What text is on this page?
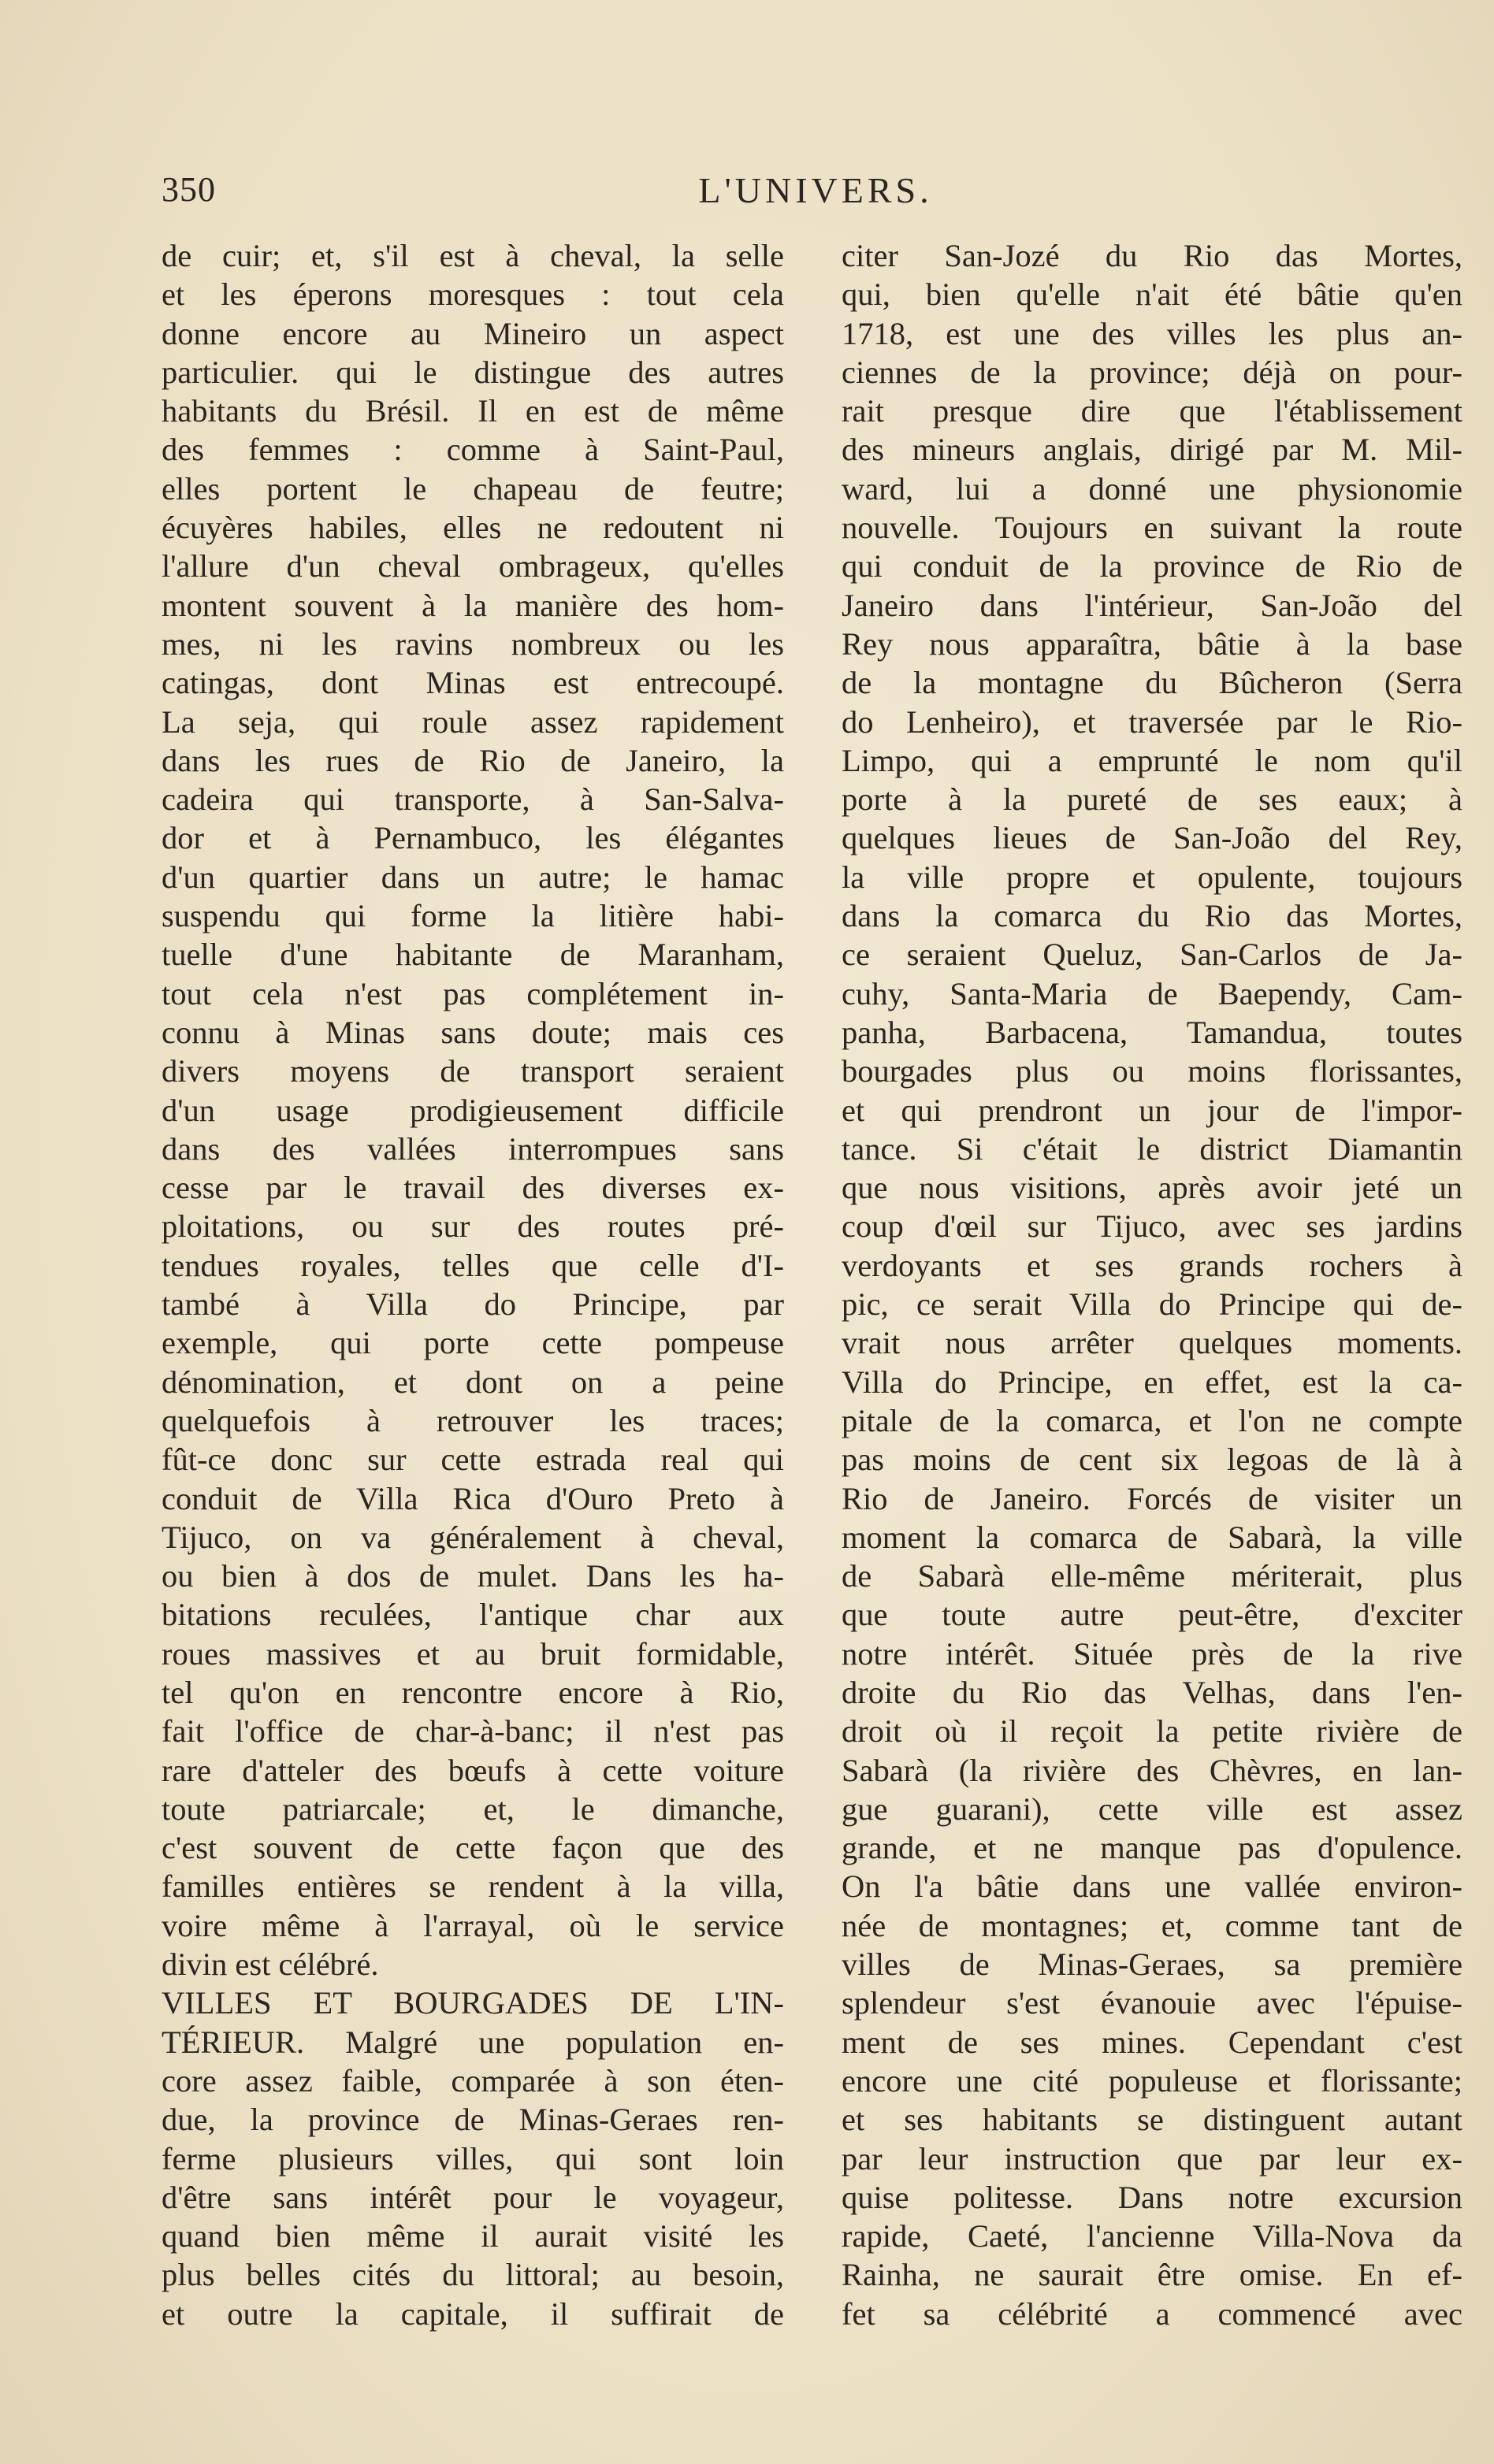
350	L'UNIVERS.
de cuir; et, s'il est à cheval, la selle
et les éperons moresques : tout cela
donne encore au Mineiro un aspect
particulier. qui le distingue des autres
habitants du Brésil. Il en est de même
des femmes : comme à Saint-Paul,
elles portent le chapeau de feutre;
écuyères habiles, elles ne redoutent ni
l'allure d'un cheval ombrageux, qu'elles
montent souvent à la manière des hom-
mes, ni les ravins nombreux ou les
catingas, dont Minas est entrecoupé.
La seja, qui roule assez rapidement
dans les rues de Rio de Janeiro, la
cadeira qui transporte, à San-Salva-
dor et à Pernambuco, les élégantes
d'un quartier dans un autre; le hamac
suspendu qui forme la litière habi-
tuelle d'une habitante de Maranham,
tout cela n'est pas complétement in-
connu à Minas sans doute; mais ces
divers moyens de transport seraient
d'un usage prodigieusement difficile
dans des vallées interrompues sans
cesse par le travail des diverses ex-
ploitations, ou sur des routes pré-
tendues royales, telles que celle d'I-
també à Villa do Principe, par
exemple, qui porte cette pompeuse
dénomination, et dont on a peine
quelquefois à retrouver les traces;
fût-ce donc sur cette estrada real qui
conduit de Villa Rica d'Ouro Preto à
Tijuco, on va généralement à cheval,
ou bien à dos de mulet. Dans les ha-
bitations reculées, l'antique char aux
roues massives et au bruit formidable,
tel qu'on en rencontre encore à Rio,
fait l'office de char-à-banc; il n'est pas
rare d'atteler des bœufs à cette voiture
toute patriarcale; et, le dimanche,
c'est souvent de cette façon que des
familles entières se rendent à la villa,
voire même à l'arrayal, où le service
divin est célébré.
VILLES ET BOURGADES DE L'IN-
TÉRIEUR. Malgré une population en-
core assez faible, comparée à son éten-
due, la province de Minas-Geraes ren-
ferme plusieurs villes, qui sont loin
d'être sans intérêt pour le voyageur,
quand bien même il aurait visité les
plus belles cités du littoral; au besoin,
et outre la capitale, il suffirait de
citer San-Jozé du Rio das Mortes,
qui, bien qu'elle n'ait été bâtie qu'en
1718, est une des villes les plus an-
ciennes de la province; déjà on pour-
rait presque dire que l'établissement
des mineurs anglais, dirigé par M. Mil-
ward, lui a donné une physionomie
nouvelle. Toujours en suivant la route
qui conduit de la province de Rio de
Janeiro dans l'intérieur, San-João del
Rey nous apparaîtra, bâtie à la base
de la montagne du Bûcheron (Serra
do Lenheiro), et traversée par le Rio-
Limpo, qui a emprunté le nom qu'il
porte à la pureté de ses eaux; à
quelques lieues de San-João del Rey,
la ville propre et opulente, toujours
dans la comarca du Rio das Mortes,
ce seraient Queluz, San-Carlos de Ja-
cuhy, Santa-Maria de Baependy, Cam-
panha, Barbacena, Tamandua, toutes
bourgades plus ou moins florissantes,
et qui prendront un jour de l'impor-
tance. Si c'était le district Diamantin
que nous visitions, après avoir jeté un
coup d'œil sur Tijuco, avec ses jardins
verdoyants et ses grands rochers à
pic, ce serait Villa do Principe qui de-
vrait nous arrêter quelques moments.
Villa do Principe, en effet, est la ca-
pitale de la comarca, et l'on ne compte
pas moins de cent six legoas de là à
Rio de Janeiro. Forcés de visiter un
moment la comarca de Sabarà, la ville
de Sabarà elle-même mériterait, plus
que toute autre peut-être, d'exciter
notre intérêt. Située près de la rive
droite du Rio das Velhas, dans l'en-
droit où il reçoit la petite rivière de
Sabarà (la rivière des Chèvres, en lan-
gue guarani), cette ville est assez
grande, et ne manque pas d'opulence.
On l'a bâtie dans une vallée environ-
née de montagnes; et, comme tant de
villes de Minas-Geraes, sa première
splendeur s'est évanouie avec l'épuise-
ment de ses mines. Cependant c'est
encore une cité populeuse et florissante;
et ses habitants se distinguent autant
par leur instruction que par leur ex-
quise politesse. Dans notre excursion
rapide, Caeté, l'ancienne Villa-Nova da
Rainha, ne saurait être omise. En ef-
fet sa célébrité a commencé avec
